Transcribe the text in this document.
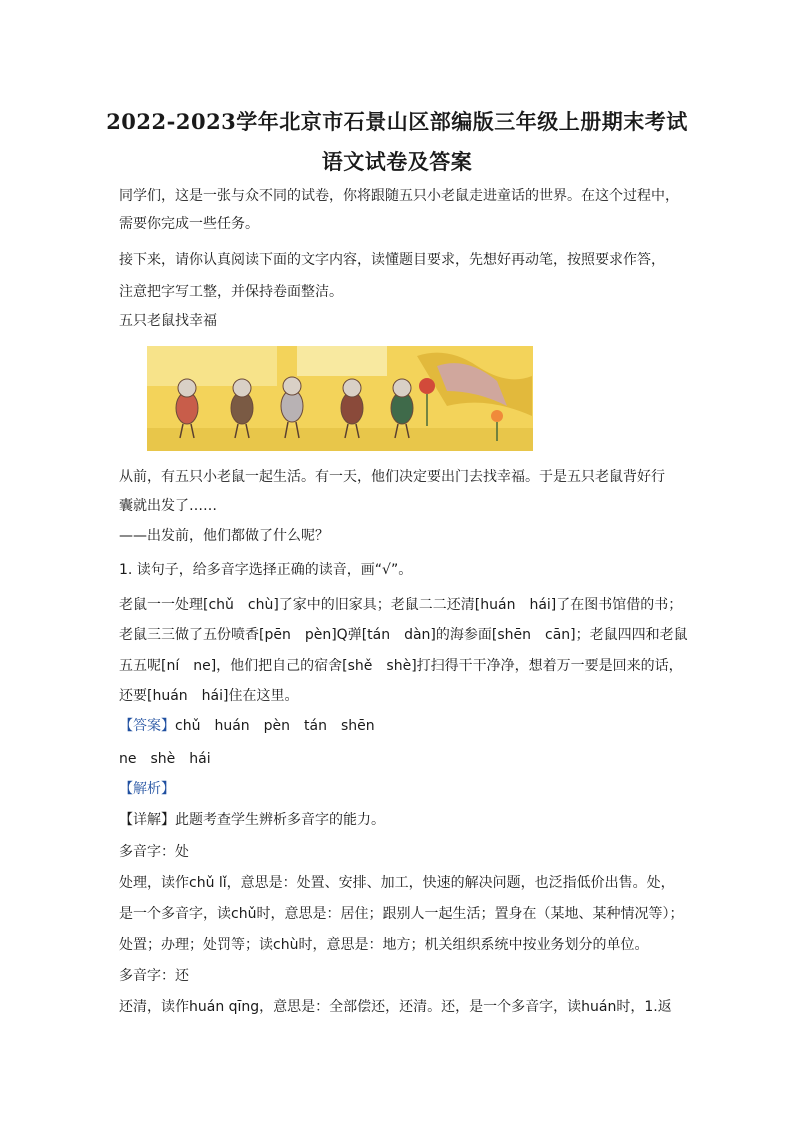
2022-2023学年北京市石景山区部编版三年级上册期末考试
语文试卷及答案
同学们，这是一张与众不同的试卷，你将跟随五只小老鼠走进童话的世界。在这个过程中，
需要你完成一些任务。
接下来，请你认真阅读下面的文字内容，读懂题目要求，先想好再动笔，按照要求作答，
注意把字写工整，并保持卷面整洁。
五只老鼠找幸福
从前，有五只小老鼠一起生活。有一天，他们决定要出门去找幸福。于是五只老鼠背好行
囊就出发了……
——出发前，他们都做了什么呢？
1. 读句子，给多音字选择正确的读音，画“√”。
老鼠一一处理[chǔ　chù]了家中的旧家具；老鼠二二还清[huán　hái]了在图书馆借的书；
老鼠三三做了五份喷香[pēn　pèn]Q弹[tán　dàn]的海参面[shēn　cān]；老鼠四四和老鼠
五五呢[ní　ne]，他们把自己的宿舍[shě　shè]打扫得干干净净，想着万一要是回来的话，
还要[huán　hái]住在这里。
【答案】chǔ　huán　pèn　tán　shēn
ne　shè　hái
【解析】
【详解】此题考查学生辨析多音字的能力。
多音字：处
处理，读作chǔ lǐ，意思是：处置、安排、加工，快速的解决问题，也泛指低价出售。处，
是一个多音字，读chǔ时，意思是：居住；跟别人一起生活；置身在（某地、某种情况等）；
处置；办理；处罚等；读chù时，意思是：地方；机关组织系统中按业务划分的单位。
多音字：还
还清，读作huán qīng，意思是：全部偿还，还清。还，是一个多音字，读huán时，1.返
